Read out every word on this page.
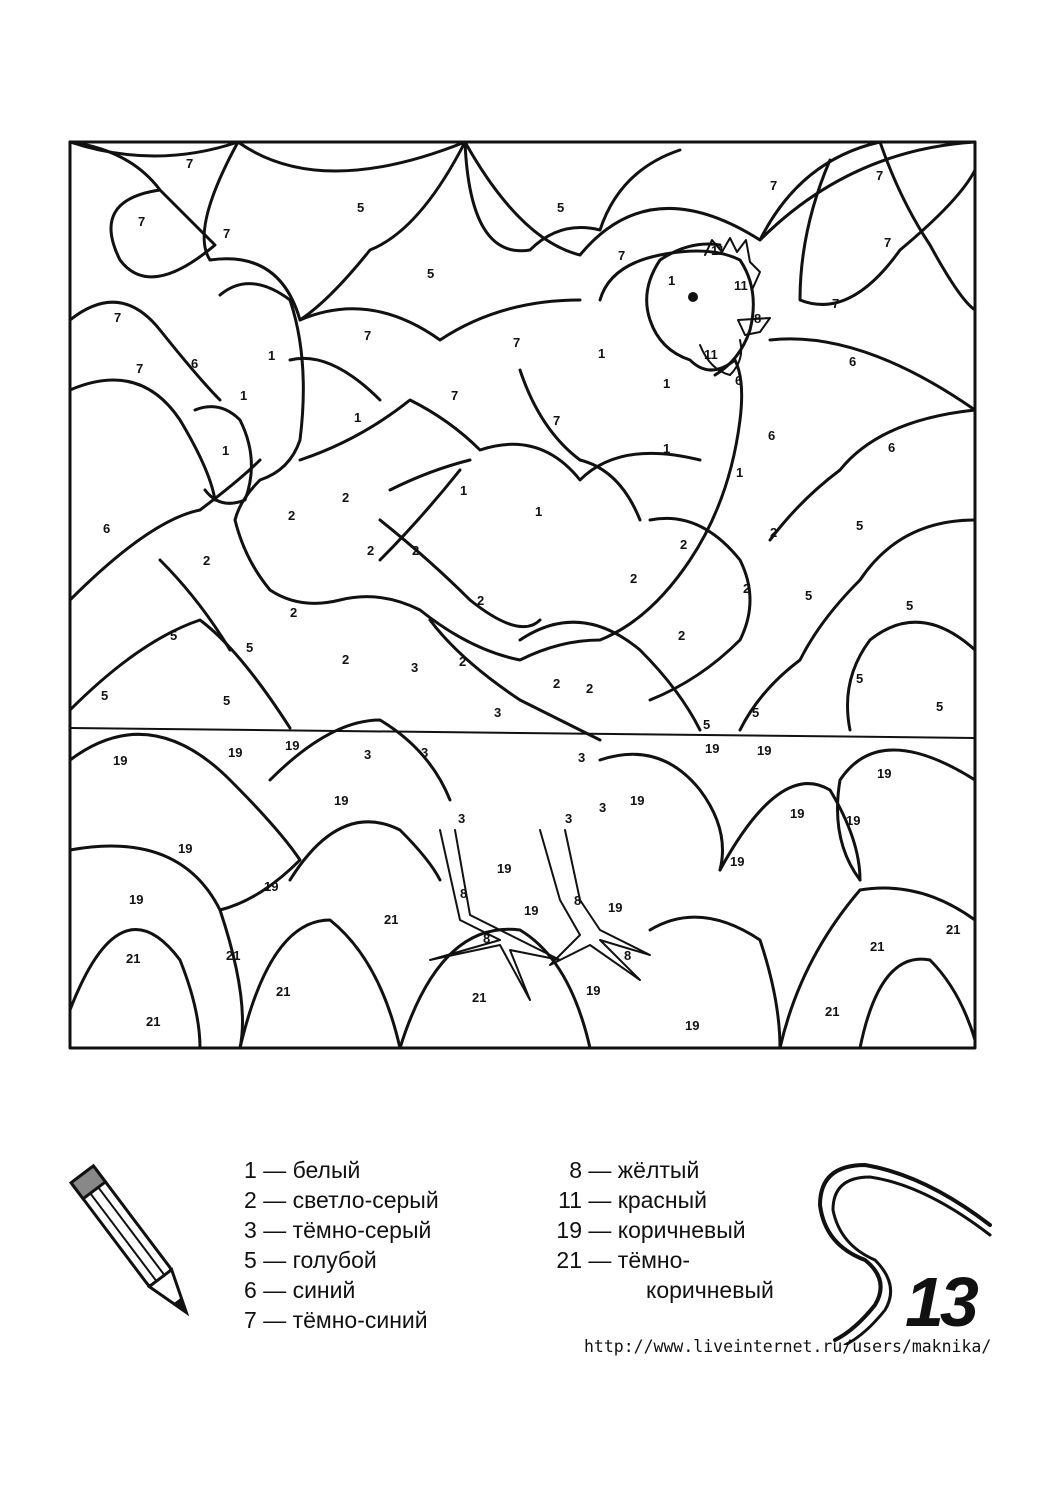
7
7
7
5	5
7
7
7
7
5
7
11
1	11
7
7	7
6
1
8
1	11
6
6
1
7
7
1
7
1
1
6
1
2	1
1
2
1
6
5
6
2	2
2
2
2	5
2	5
5	2
2	2
5
2
3
3
5
5
5
2
3
2
2
2
5	5
3
5
19
19	19
3
3
19	19
3
19
19	19
19
3
19
19
19	19
8	8
19
8
19
19
21
21
8
21
19
21	21
19
21	21
19
21
21
1 — белый
2 — светло-серый
3 — тёмно-серый
5 — голубой
6 — синий
7 — тёмно-синий
8 — жёлтый
11 — красный
19 — коричневый
21 — тёмно-
коричневый 13
http://www.liveinternet.ru/users/maknika/
